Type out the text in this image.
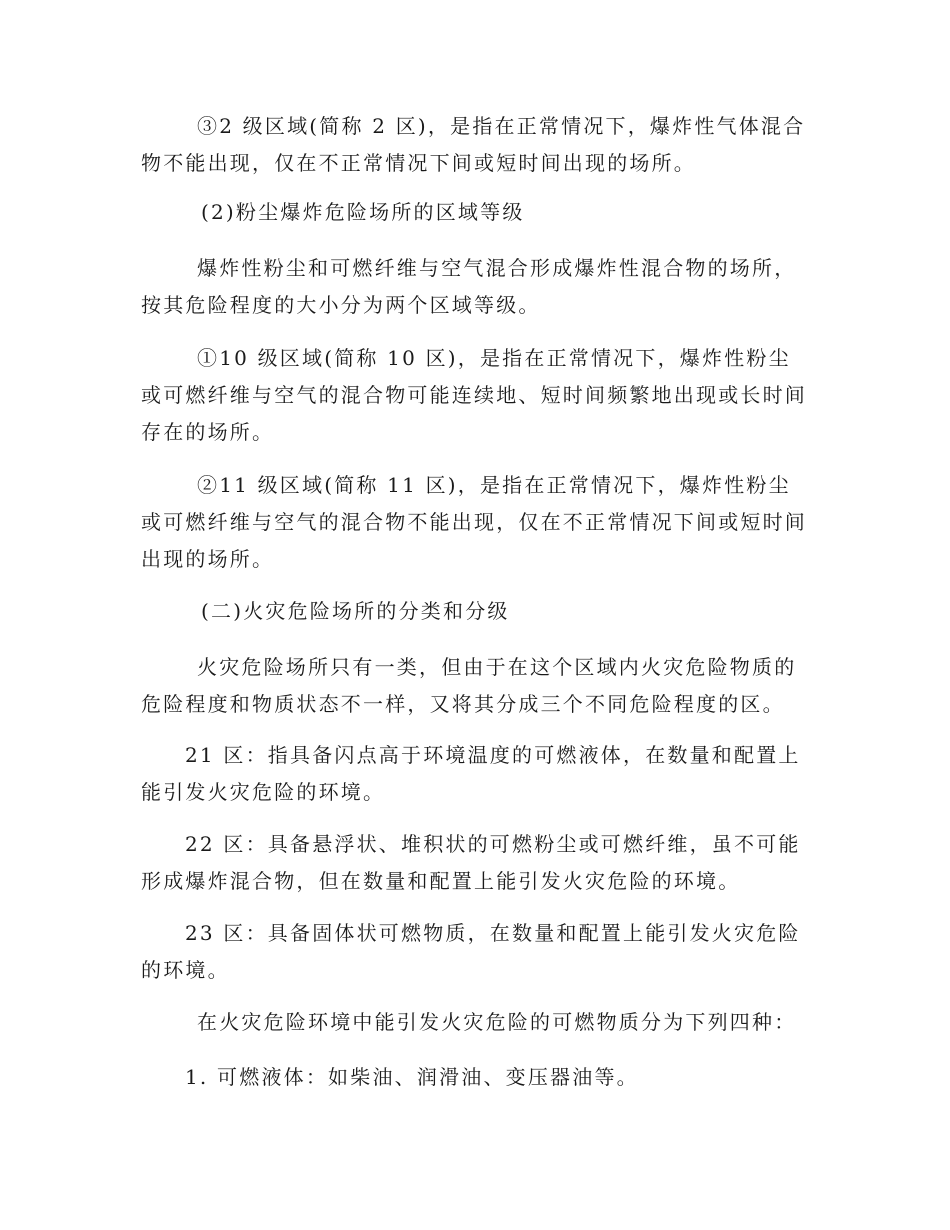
③2 级区域(简称 2 区)，是指在正常情况下，爆炸性气体混合物不能出现，仅在不正常情况下间或短时间出现的场所。

(2)粉尘爆炸危险场所的区域等级

爆炸性粉尘和可燃纤维与空气混合形成爆炸性混合物的场所，按其危险程度的大小分为两个区域等级。

①10 级区域(简称 10 区)，是指在正常情况下，爆炸性粉尘或可燃纤维与空气的混合物可能连续地、短时间频繁地出现或长时间存在的场所。

②11 级区域(简称 11 区)，是指在正常情况下，爆炸性粉尘或可燃纤维与空气的混合物不能出现，仅在不正常情况下间或短时间出现的场所。

(二)火灾危险场所的分类和分级

火灾危险场所只有一类，但由于在这个区域内火灾危险物质的危险程度和物质状态不一样，又将其分成三个不同危险程度的区。

21 区：指具备闪点高于环境温度的可燃液体，在数量和配置上能引发火灾危险的环境。

22 区：具备悬浮状、堆积状的可燃粉尘或可燃纤维，虽不可能形成爆炸混合物，但在数量和配置上能引发火灾危险的环境。

23 区：具备固体状可燃物质，在数量和配置上能引发火灾危险的环境。

在火灾危险环境中能引发火灾危险的可燃物质分为下列四种：

1. 可燃液体：如柴油、润滑油、变压器油等。
